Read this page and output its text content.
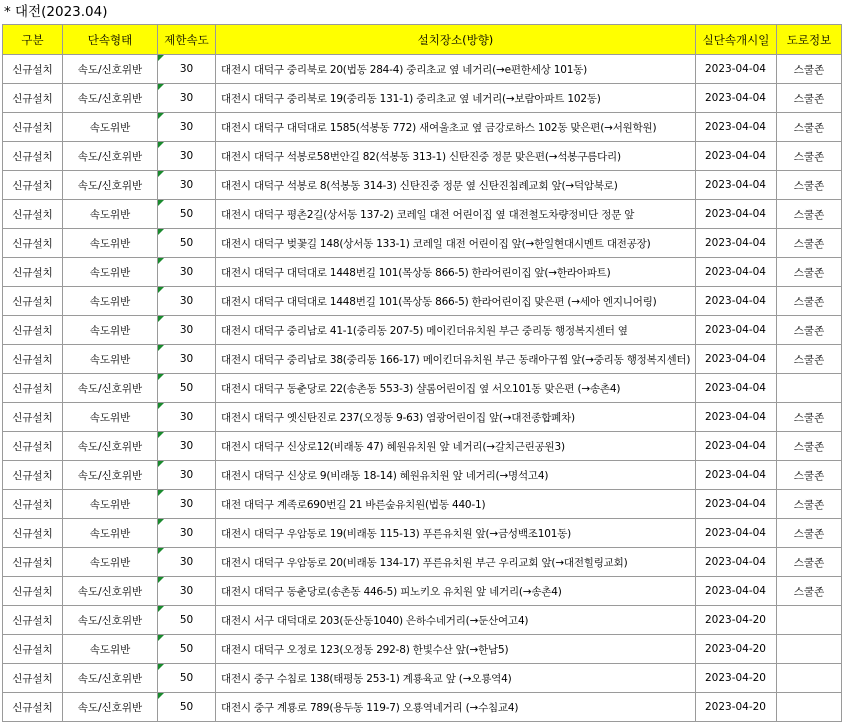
* 대전(2023.04)
구분	단속형태	제한속도	설치장소(방향)	실단속개시일	도로정보
신규설치	속도/신호위반	30	대전시 대덕구 중리북로 20(법동 284-4) 중리초교 옆 네거리(→e편한세상 101동)	2023-04-04	스쿨존
신규설치	속도/신호위반	30	대전시 대덕구 중리북로 19(중리동 131-1) 중리초교 옆 네거리(→보람아파트 102동)	2023-04-04	스쿨존
신규설치	속도위반	30	대전시 대덕구 대덕대로 1585(석봉동 772) 새여울초교 옆 금강로하스 102동 맞은편(→서원학원)	2023-04-04	스쿨존
신규설치	속도/신호위반	30	대전시 대덕구 석봉로58번안길 82(석봉동 313-1) 신탄진중 정문 맞은편(→석봉구름다리)	2023-04-04	스쿨존
신규설치	속도/신호위반	30	대전시 대덕구 석봉로 8(석봉동 314-3) 신탄진중 정문 옆 신탄진침례교회 앞(→덕암북로)	2023-04-04	스쿨존
신규설치	속도위반	50	대전시 대덕구 평촌2길(상서동 137-2) 코레일 대전 어린이집 옆 대전철도차량정비단 정문 앞	2023-04-04	스쿨존
신규설치	속도위반	50	대전시 대덕구 벚꽃길 148(상서동 133-1) 코레일 대전 어린이집 앞(→한일현대시멘트 대전공장)	2023-04-04	스쿨존
신규설치	속도위반	30	대전시 대덕구 대덕대로 1448번길 101(목상동 866-5) 한라어린이집 앞(→한라아파트)	2023-04-04	스쿨존
신규설치	속도위반	30	대전시 대덕구 대덕대로 1448번길 101(목상동 866-5) 한라어린이집 맞은편 (→세아 엔지니어링)	2023-04-04	스쿨존
신규설치	속도위반	30	대전시 대덕구 중리남로 41-1(중리동 207-5) 메이킨더유치원 부근 중리동 행정복지센터 옆	2023-04-04	스쿨존
신규설치	속도위반	30	대전시 대덕구 중리남로 38(중리동 166-17) 메이킨더유치원 부근 동래아구찜 앞(→중리동 행정복지센터)	2023-04-04	스쿨존
신규설치	속도/신호위반	50	대전시 대덕구 동춘당로 22(송촌동 553-3) 샬롬어린이집 옆 서오101동 맞은편 (→송촌4)	2023-04-04	
신규설치	속도위반	30	대전시 대덕구 옛신탄진로 237(오정동 9-63) 염광어린이집 앞(→대전종합폐차)	2023-04-04	스쿨존
신규설치	속도/신호위반	30	대전시 대덕구 신상로12(비래동 47) 혜원유치원 앞 네거리(→갈치근린공원3)	2023-04-04	스쿨존
신규설치	속도/신호위반	30	대전시 대덕구 신상로 9(비래동 18-14) 혜원유치원 앞 네거리(→명석고4)	2023-04-04	스쿨존
신규설치	속도위반	30	대전 대덕구 계족로690번길 21 바른숲유치원(법동 440-1)	2023-04-04	스쿨존
신규설치	속도위반	30	대전시 대덕구 우암동로 19(비래동 115-13) 푸른유치원 앞(→금성백조101동)	2023-04-04	스쿨존
신규설치	속도위반	30	대전시 대덕구 우암동로 20(비래동 134-17) 푸른유치원 부근 우리교회 앞(→대전힐링교회)	2023-04-04	스쿨존
신규설치	속도/신호위반	30	대전시 대덕구 동춘당로(송촌동 446-5) 피노키오 유치원 앞 네거리(→송촌4)	2023-04-04	스쿨존
신규설치	속도/신호위반	50	대전시 서구 대덕대로 203(둔산동1040) 은하수네거리(→둔산여고4)	2023-04-20	
신규설치	속도위반	50	대전시 대덕구 오정로 123(오정동 292-8) 한빛수산 앞(→한남5)	2023-04-20	
신규설치	속도/신호위반	50	대전시 중구 수침로 138(태평동 253-1) 계룡육교 앞 (→오룡역4)	2023-04-20	
신규설치	속도/신호위반	50	대전시 중구 계룡로 789(용두동 119-7) 오룡역네거리 (→수침교4)	2023-04-20	
